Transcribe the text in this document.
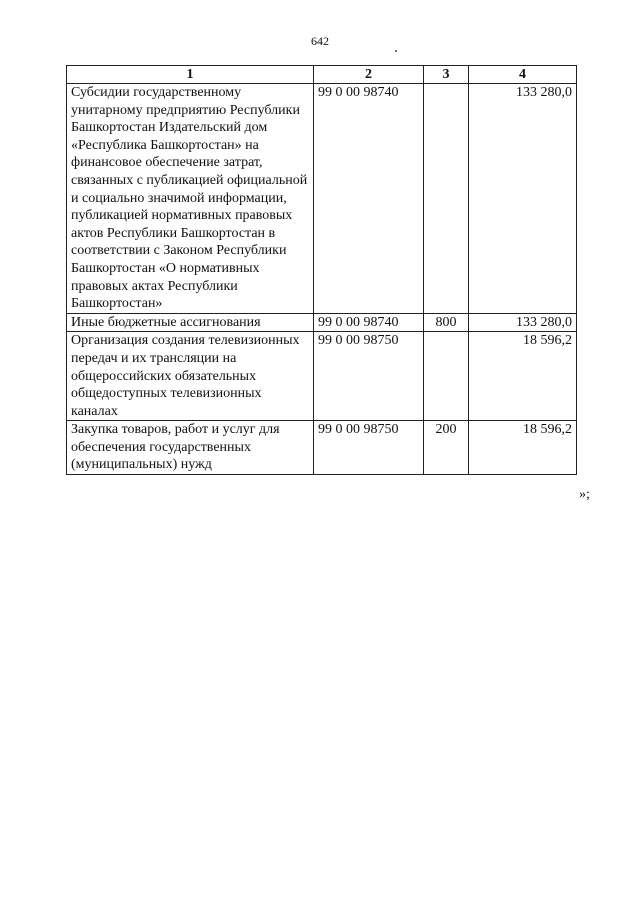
642
1	2	3	4
Субсидии государственному унитарному предприятию Республики Башкортостан Издательский дом «Республика Башкортостан» на финансовое обеспечение затрат, связанных с публикацией официальной и социально значимой информации, публикацией нормативных правовых актов Республики Башкортостан в соответствии с Законом Республики Башкортостан «О нормативных правовых актах Республики Башкортостан»	99 0 00 98740		133 280,0
Иные бюджетные ассигнования	99 0 00 98740	800	133 280,0
Организация создания телевизионных передач и их трансляции на общероссийских обязательных общедоступных телевизионных каналах	99 0 00 98750		18 596,2
Закупка товаров, работ и услуг для обеспечения государственных (муниципальных) нужд	99 0 00 98750	200	18 596,2
»;
